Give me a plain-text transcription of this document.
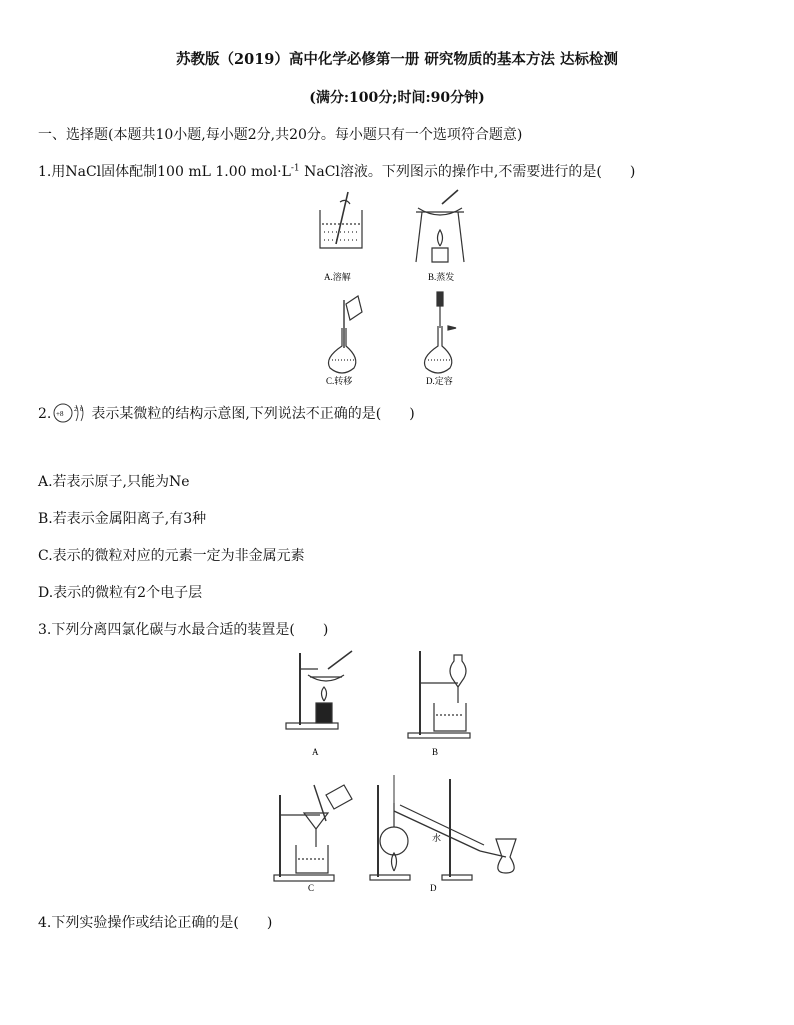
苏教版（2019）高中化学必修第一册 研究物质的基本方法 达标检测
(满分:100分;时间:90分钟)
一、选择题(本题共10小题,每小题2分,共20分。每小题只有一个选项符合题意)
1.用NaCl固体配制100 mL 1.00 $mol\cdot L^{-1}$ NaCl溶液。下列图示的操作中,不需要进行的是(　　)
A.溶解	B.蒸发
C.转移	D.定容
2. +8 2 8 表示某微粒的结构示意图,下列说法不正确的是(　　)
A.若表示原子,只能为Ne
B.若表示金属阳离子,有3种
C.表示的微粒对应的元素一定为非金属元素
D.表示的微粒有2个电子层
3.下列分离四氯化碳与水最合适的装置是(　　)
A	B
C
水
D
4.下列实验操作或结论正确的是(　　)
